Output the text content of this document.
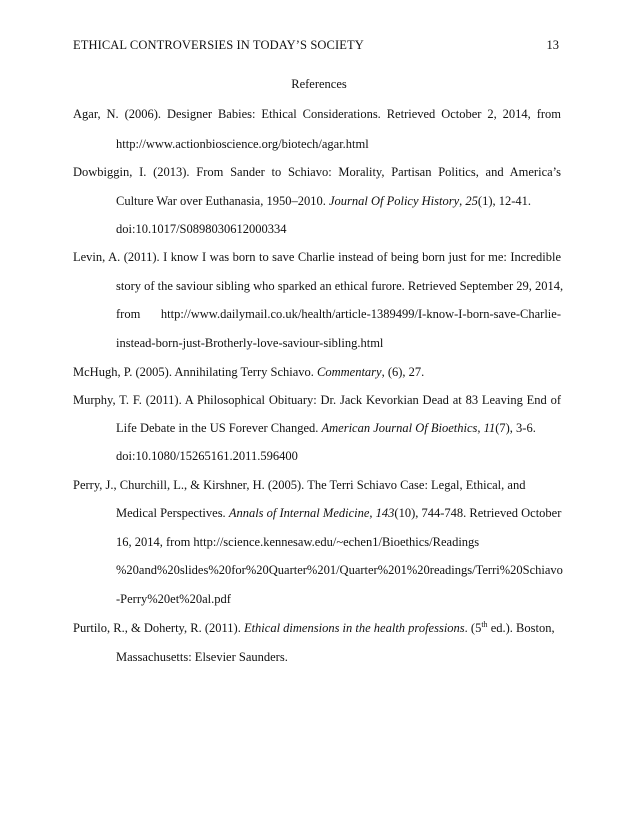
ETHICAL CONTROVERSIES IN TODAY’S SOCIETY	13
References
Agar, N. (2006). Designer Babies: Ethical Considerations. Retrieved October 2, 2014, from
http://www.actionbioscience.org/biotech/agar.html
Dowbiggin, I. (2013). From Sander to Schiavo: Morality, Partisan Politics, and America’s
Culture War over Euthanasia, 1950–2010. Journal Of Policy History, 25(1), 12-41.
doi:10.1017/S0898030612000334
Levin, A. (2011). I know I was born to save Charlie instead of being born just for me: Incredible
story of the saviour sibling who sparked an ethical furore. Retrieved September 29, 2014,
from http://www.dailymail.co.uk/health/article-1389499/I-know-I-born-save-Charlie-
instead-born-just-Brotherly-love-saviour-sibling.html
McHugh, P. (2005). Annihilating Terry Schiavo. Commentary, (6), 27.
Murphy, T. F. (2011). A Philosophical Obituary: Dr. Jack Kevorkian Dead at 83 Leaving End of
Life Debate in the US Forever Changed. American Journal Of Bioethics, 11(7), 3-6.
doi:10.1080/15265161.2011.596400
Perry, J., Churchill, L., & Kirshner, H. (2005). The Terri Schiavo Case: Legal, Ethical, and
Medical Perspectives. Annals of Internal Medicine, 143(10), 744-748. Retrieved October
16, 2014, from http://science.kennesaw.edu/~echen1/Bioethics/Readings
%20and%20slides%20for%20Quarter%201/Quarter%201%20readings/Terri%20Schiavo
-Perry%20et%20al.pdf
Purtilo, R., & Doherty, R. (2011). Ethical dimensions in the health professions. (5th ed.). Boston,
Massachusetts: Elsevier Saunders.
